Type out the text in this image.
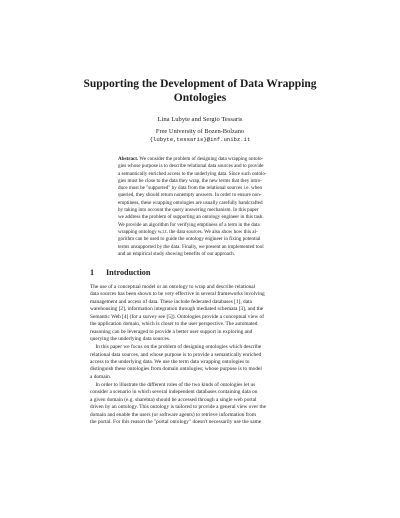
Supporting the Development of Data Wrapping
Ontologies
Lina Lubyte and Sergio Tessaris
Free University of Bozen-Bolzano
{lubyte,tessaris}@inf.unibz.it
Abstract. We consider the problem of designing data wrapping ontolo-
gies whose purpose is to describe relational data sources and to provide
a semantically enriched access to the underlying data. Since such ontolo-
gies must be close to the data they wrap, the new terms that they intro-
duce must be "supported" by data from the relational sources i.e. when
queried, they should return nonempty answers. In order to ensure non-
emptiness, these wrapping ontologies are usually carefully handcrafted
by taking into account the query answering mechanism. In this paper
we address the problem of supporting an ontology engineer in this task.
We provide an algorithm for verifying emptiness of a term in the data
wrapping ontology w.r.t. the data sources. We also show how this al-
gorithm can be used to guide the ontology engineer in fixing potential
terms unsupported by the data. Finally, we present an implemented tool
and an empirical study showing benefits of our approach.
1 Introduction
The use of a conceptual model or an ontology to wrap and describe relational
data sources has been shown to be very effective in several frameworks involving
management and access of data. These include federated databases [1], data
warehousing [2], information integration through mediated schemata [3], and the
Semantic Web [4] (for a survey see [5]). Ontologies provide a conceptual view of
the application domain, which is closer to the user perspective. The automated
reasoning can be leveraged to provide a better user support in exploring and
querying the underlying data sources.
In this paper we focus on the problem of designing ontologies which describe
relational data sources, and whose purpose is to provide a semantically enriched
access to the underlying data. We use the term data wrapping ontologies to
distinguish these ontologies from domain ontologies; whose purpose is to model
a domain.
In order to illustrate the different roles of the two kinds of ontologies let us
consider a scenario in which several independent databases containing data on
a given domain (e.g. sharebta) should be accessed through a single web portal
driven by an ontology. This ontology is tailored to provide a general view over the
domain and enable the users (or software agents) to retrieve information from
the portal. For this reason the "portal ontology" doesn't necessarily use the same
